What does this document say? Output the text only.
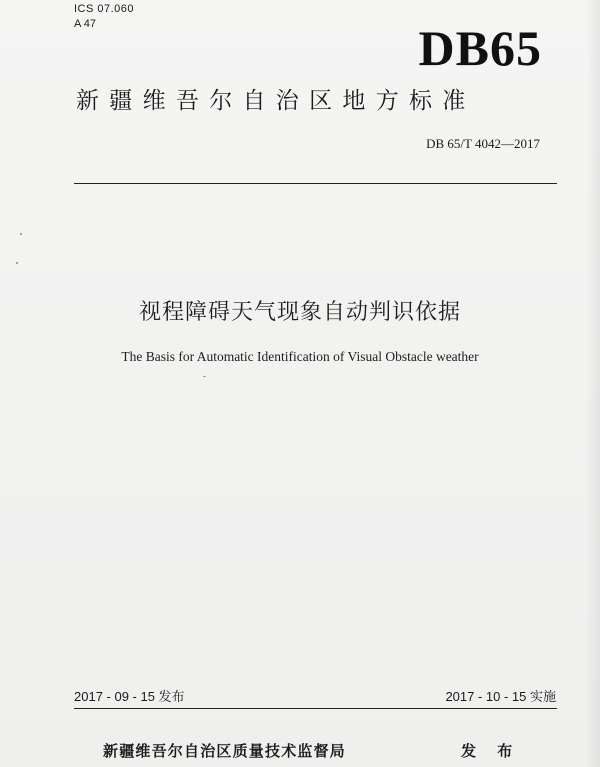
ICS 07.060
A 47	DB65
新疆维吾尔自治区地方标准
DB 65/T 4042—2017
视程障碍天气现象自动判识依据
The Basis for Automatic Identification of Visual Obstacle weather
2017 - 09 - 15 发布	2017 - 10 - 15 实施
新疆维吾尔自治区质量技术监督局	发 布
